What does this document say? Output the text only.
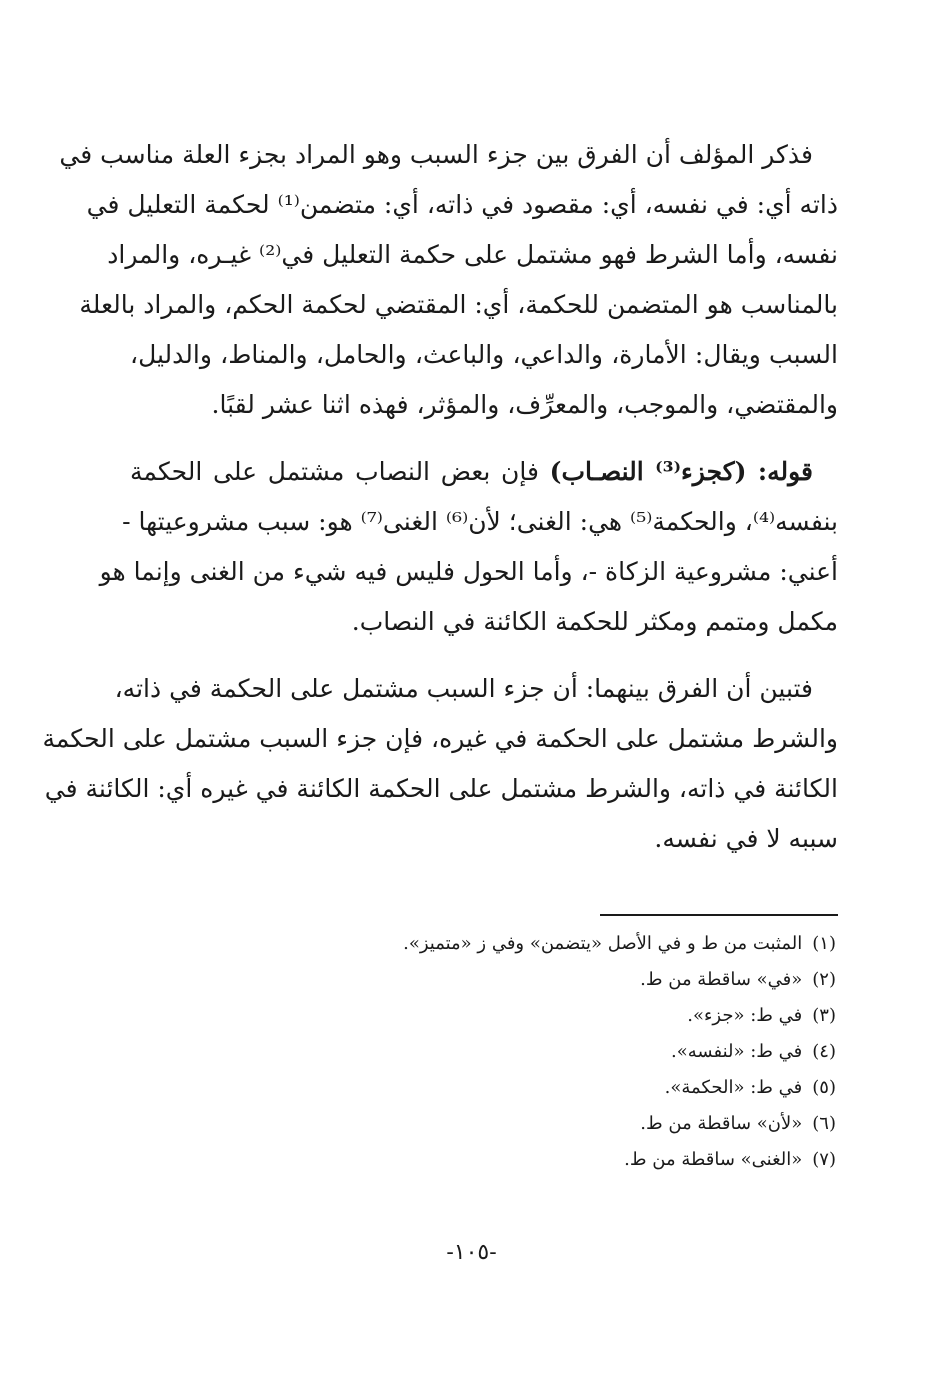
فذكر المؤلف أن الفرق بين جزء السبب وهو المراد بجزء العلة مناسب في
ذاته أي: في نفسه، أي: مقصود في ذاته، أي: متضمن⁽¹⁾ لحكمة التعليل في
نفسه، وأما الشرط فهو مشتمل على حكمة التعليل في⁽²⁾ غيـره، والمراد
بالمناسب هو المتضمن للحكمة، أي: المقتضي لحكمة الحكم، والمراد بالعلة
السبب ويقال: الأمارة، والداعي، والباعث، والحامل، والمناط، والدليل،
والمقتضي، والموجب، والمعرِّف، والمؤثر، فهذه اثنا عشر لقبًا.
قوله: (كجزء⁽³⁾ النصـاب) فإن بعض النصاب مشتمل على الحكمة
بنفسه⁽⁴⁾، والحكمة⁽⁵⁾ هي: الغنى؛ لأن⁽⁶⁾ الغنى⁽⁷⁾ هو: سبب مشروعيتها -
أعني: مشروعية الزكاة -، وأما الحول فليس فيه شيء من الغنى وإنما هو
مكمل ومتمم ومكثر للحكمة الكائنة في النصاب.
فتبين أن الفرق بينهما: أن جزء السبب مشتمل على الحكمة في ذاته،
والشرط مشتمل على الحكمة في غيره، فإن جزء السبب مشتمل على الحكمة
الكائنة في ذاته، والشرط مشتمل على الحكمة الكائنة في غيره أي: الكائنة في
سببه لا في نفسه.
(١)المثبت من ط و في الأصل «يتضمن» وفي ز «متميز».
(٢)«في» ساقطة من ط.
(٣)في ط: «جزء».
(٤)في ط: «لنفسه».
(٥)في ط: «الحكمة».
(٦)«لأن» ساقطة من ط.
(٧)«الغنى» ساقطة من ط.
-١٠٥-
